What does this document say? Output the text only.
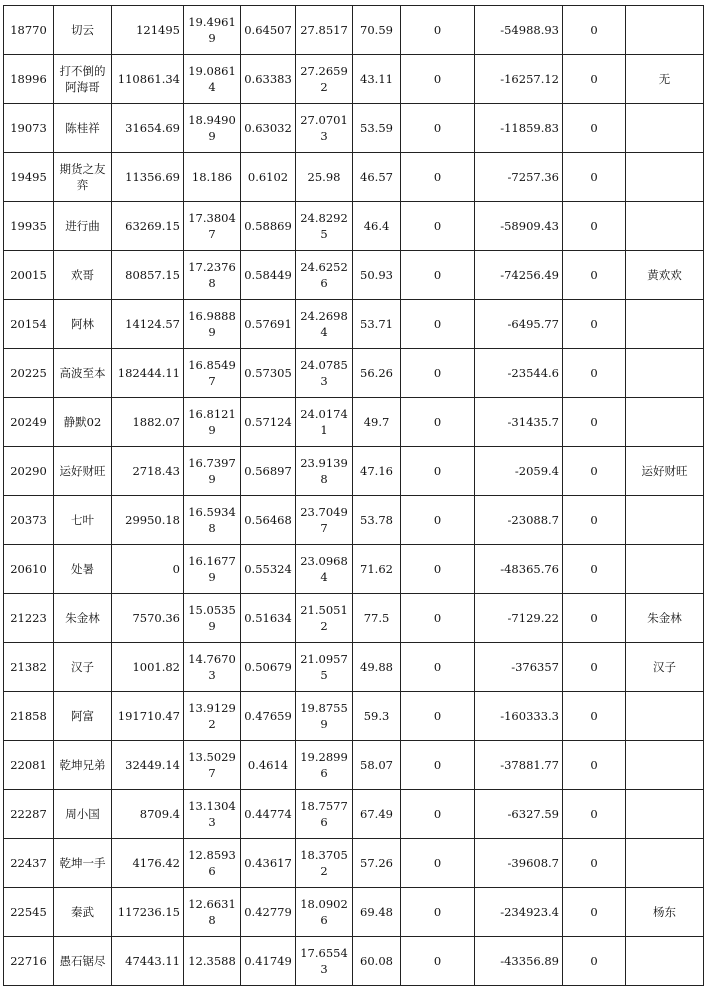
18770	切云	121495	19.49619	0.64507	27.8517	70.59	0	-54988.93	0	
18996	打不倒的阿海哥	110861.34	19.08614	0.63383	27.26592	43.11	0	-16257.12	0	无
19073	陈桂祥	31654.69	18.94909	0.63032	27.07013	53.59	0	-11859.83	0	
19495	期货之友弈	11356.69	18.186	0.6102	25.98	46.57	0	-7257.36	0	
19935	进行曲	63269.15	17.38047	0.58869	24.82925	46.4	0	-58909.43	0	
20015	欢哥	80857.15	17.23768	0.58449	24.62526	50.93	0	-74256.49	0	黄欢欢
20154	阿林	14124.57	16.98889	0.57691	24.26984	53.71	0	-6495.77	0	
20225	高波至本	182444.11	16.85497	0.57305	24.07853	56.26	0	-23544.6	0	
20249	静默02	1882.07	16.81219	0.57124	24.01741	49.7	0	-31435.7	0	
20290	运好财旺	2718.43	16.73979	0.56897	23.91398	47.16	0	-2059.4	0	运好财旺
20373	七叶	29950.18	16.59348	0.56468	23.70497	53.78	0	-23088.7	0	
20610	处暑	0	16.16779	0.55324	23.09684	71.62	0	-48365.76	0	
21223	朱金林	7570.36	15.05359	0.51634	21.50512	77.5	0	-7129.22	0	朱金林
21382	汉子	1001.82	14.76703	0.50679	21.09575	49.88	0	-376357	0	汉子
21858	阿富	191710.47	13.91292	0.47659	19.87559	59.3	0	-160333.3	0	
22081	乾坤兄弟	32449.14	13.50297	0.4614	19.28996	58.07	0	-37881.77	0	
22287	周小国	8709.4	13.13043	0.44774	18.75776	67.49	0	-6327.59	0	
22437	乾坤一手	4176.42	12.85936	0.43617	18.37052	57.26	0	-39608.7	0	
22545	秦武	117236.15	12.66318	0.42779	18.09026	69.48	0	-234923.4	0	杨东
22716	愚石锯尽	47443.11	12.3588	0.41749	17.65543	60.08	0	-43356.89	0	
